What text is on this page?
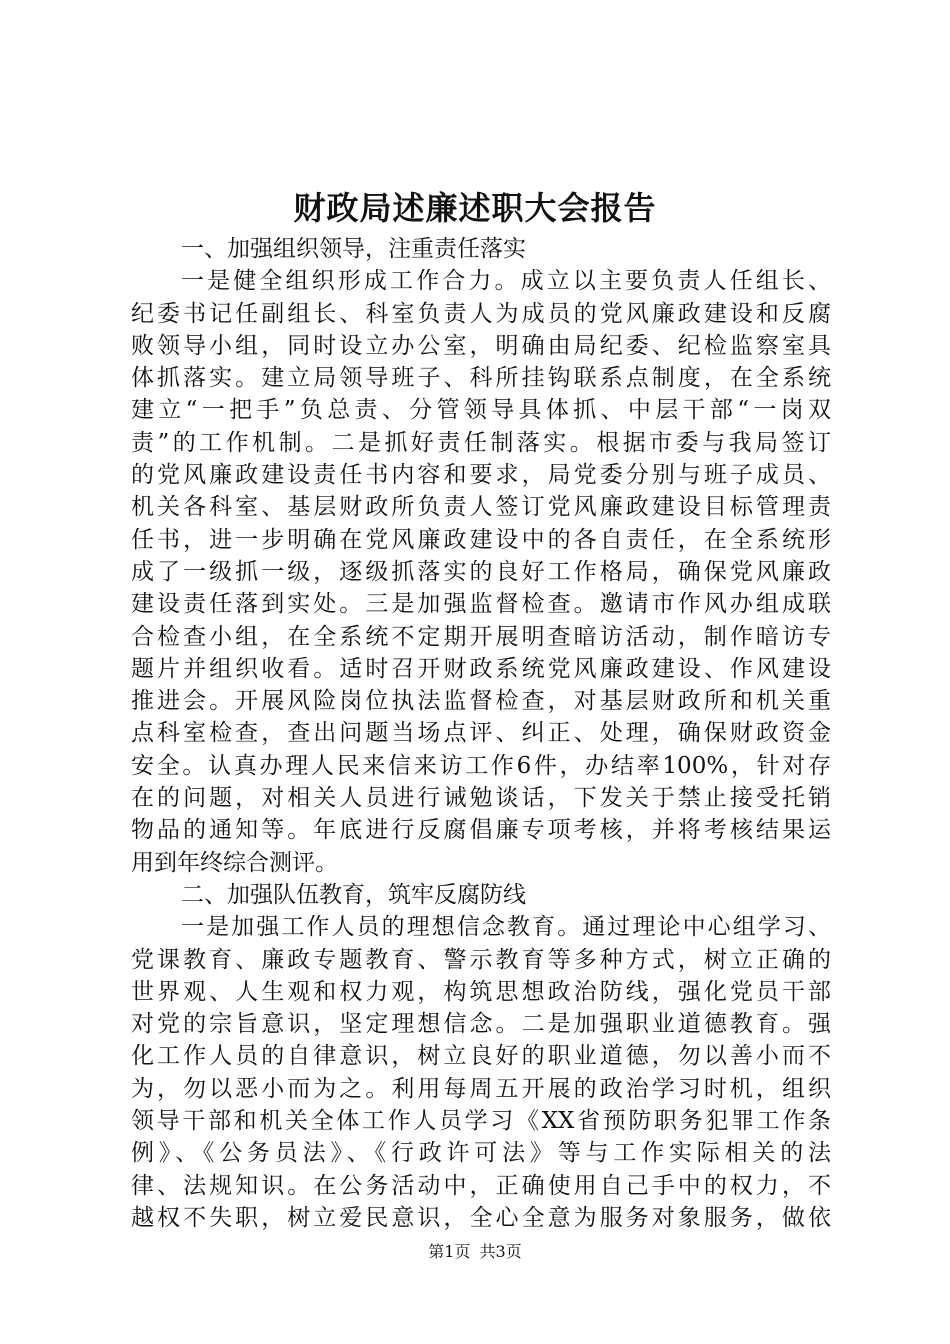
财政局述廉述职大会报告
一、加强组织领导，注重责任落实
一是健全组织形成工作合力。成立以主要负责人任组长、
纪委书记任副组长、科室负责人为成员的党风廉政建设和反腐
败领导小组，同时设立办公室，明确由局纪委、纪检监察室具
体抓落实。建立局领导班子、科所挂钩联系点制度，在全系统
建立“一把手”负总责、分管领导具体抓、中层干部“一岗双
责”的工作机制。二是抓好责任制落实。根据市委与我局签订
的党风廉政建设责任书内容和要求，局党委分别与班子成员、
机关各科室、基层财政所负责人签订党风廉政建设目标管理责
任书，进一步明确在党风廉政建设中的各自责任，在全系统形
成了一级抓一级，逐级抓落实的良好工作格局，确保党风廉政
建设责任落到实处。三是加强监督检查。邀请市作风办组成联
合检查小组，在全系统不定期开展明查暗访活动，制作暗访专
题片并组织收看。适时召开财政系统党风廉政建设、作风建设
推进会。开展风险岗位执法监督检查，对基层财政所和机关重
点科室检查，查出问题当场点评、纠正、处理，确保财政资金
安全。认真办理人民来信来访工作6件，办结率100%，针对存
在的问题，对相关人员进行诫勉谈话，下发关于禁止接受托销
物品的通知等。年底进行反腐倡廉专项考核，并将考核结果运
用到年终综合测评。
二、加强队伍教育，筑牢反腐防线
一是加强工作人员的理想信念教育。通过理论中心组学习、
党课教育、廉政专题教育、警示教育等多种方式，树立正确的
世界观、人生观和权力观，构筑思想政治防线，强化党员干部
对党的宗旨意识，坚定理想信念。二是加强职业道德教育。强
化工作人员的自律意识，树立良好的职业道德，勿以善小而不
为，勿以恶小而为之。利用每周五开展的政治学习时机，组织
领导干部和机关全体工作人员学习《XX省预防职务犯罪工作条
例》、《公务员法》、《行政许可法》等与工作实际相关的法
律、法规知识。在公务活动中，正确使用自己手中的权力，不
越权不失职，树立爱民意识，全心全意为服务对象服务，做依
第1页 共3页
